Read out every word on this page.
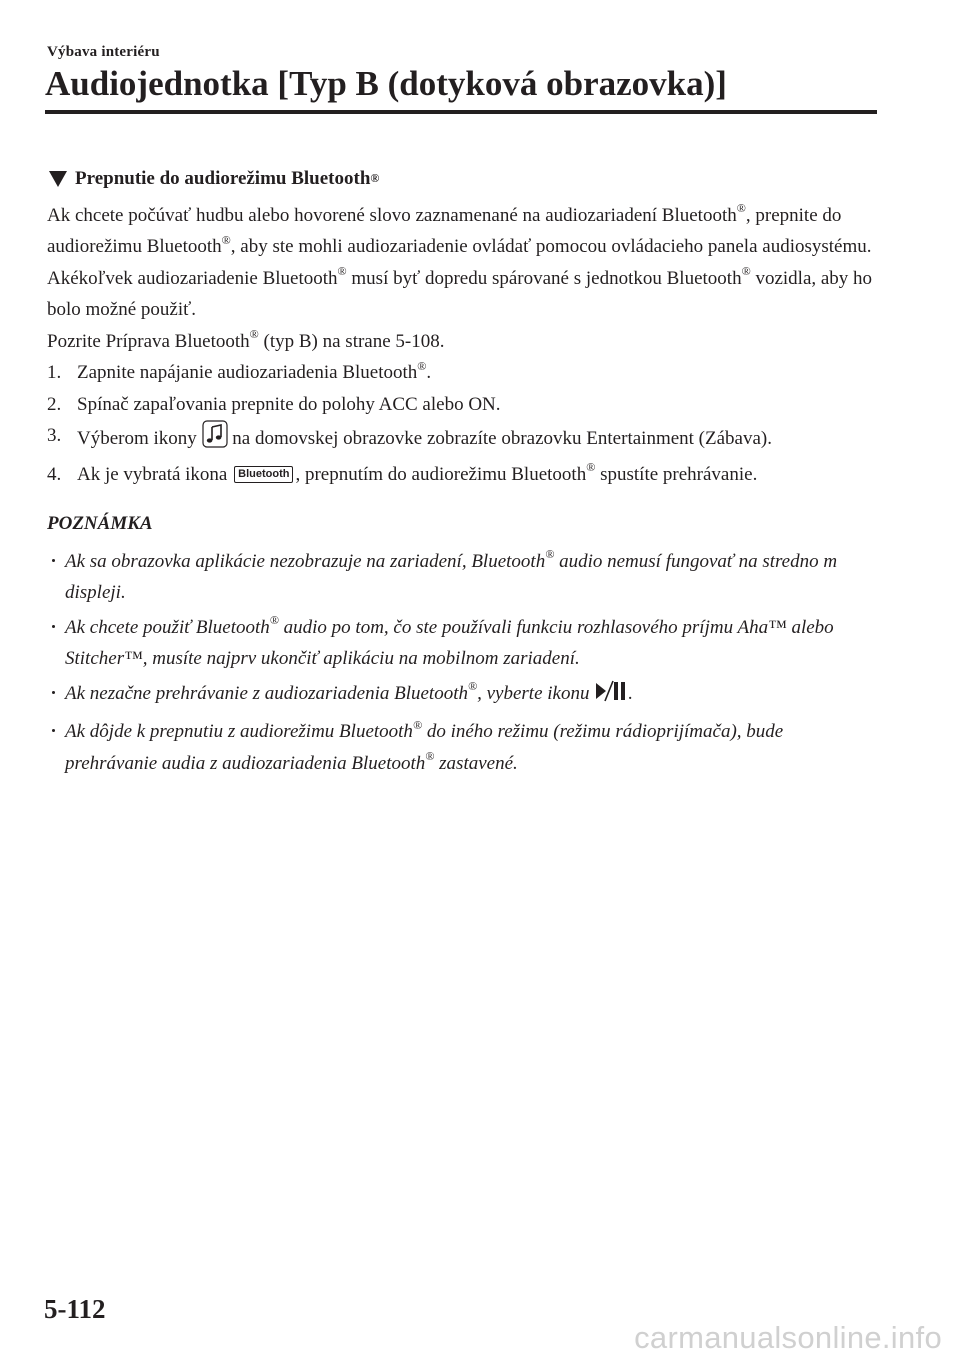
Výbava interiéru
Audiojednotka [Typ B (dotyková obrazovka)]
Prepnutie do audiorežimu Bluetooth®

Ak chcete počúvať hudbu alebo hovorené slovo zaznamenané na audiozariadení Bluetooth®, prepnite do audiorežimu Bluetooth®, aby ste mohli audiozariadenie ovládať pomocou ovládacieho panela audiosystému. Akékoľvek audiozariadenie Bluetooth® musí byť dopredu spárované s jednotkou Bluetooth® vozidla, aby ho bolo možné použiť.

Pozrite Príprava Bluetooth® (typ B) na strane 5-108.

1. Zapnite napájanie audiozariadenia Bluetooth®.
2. Spínač zapaľovania prepnite do polohy ACC alebo ON.
3. Výberom ikony na domovskej obrazovke zobrazíte obrazovku Entertainment (Zábava).
4. Ak je vybratá ikona Bluetooth , prepnutím do audiorežimu Bluetooth® spustíte prehrávanie.
POZNÁMKA
Ak sa obrazovka aplikácie nezobrazuje na zariadení, Bluetooth® audio nemusí fungovať na stredno m displeji.
Ak chcete použiť Bluetooth® audio po tom, čo ste používali funkciu rozhlasového príjmu Aha™ alebo Stitcher™, musíte najprv ukončiť aplikáciu na mobilnom zariadení.
Ak nezačne prehrávanie z audiozariadenia Bluetooth®, vyberte ikonu .
Ak dôjde k prepnutiu z audiorežimu Bluetooth® do iného režimu (režimu rádioprijímača), bude prehrávanie audia z audiozariadenia Bluetooth® zastavené.
5-112
carmanualsonline.info
